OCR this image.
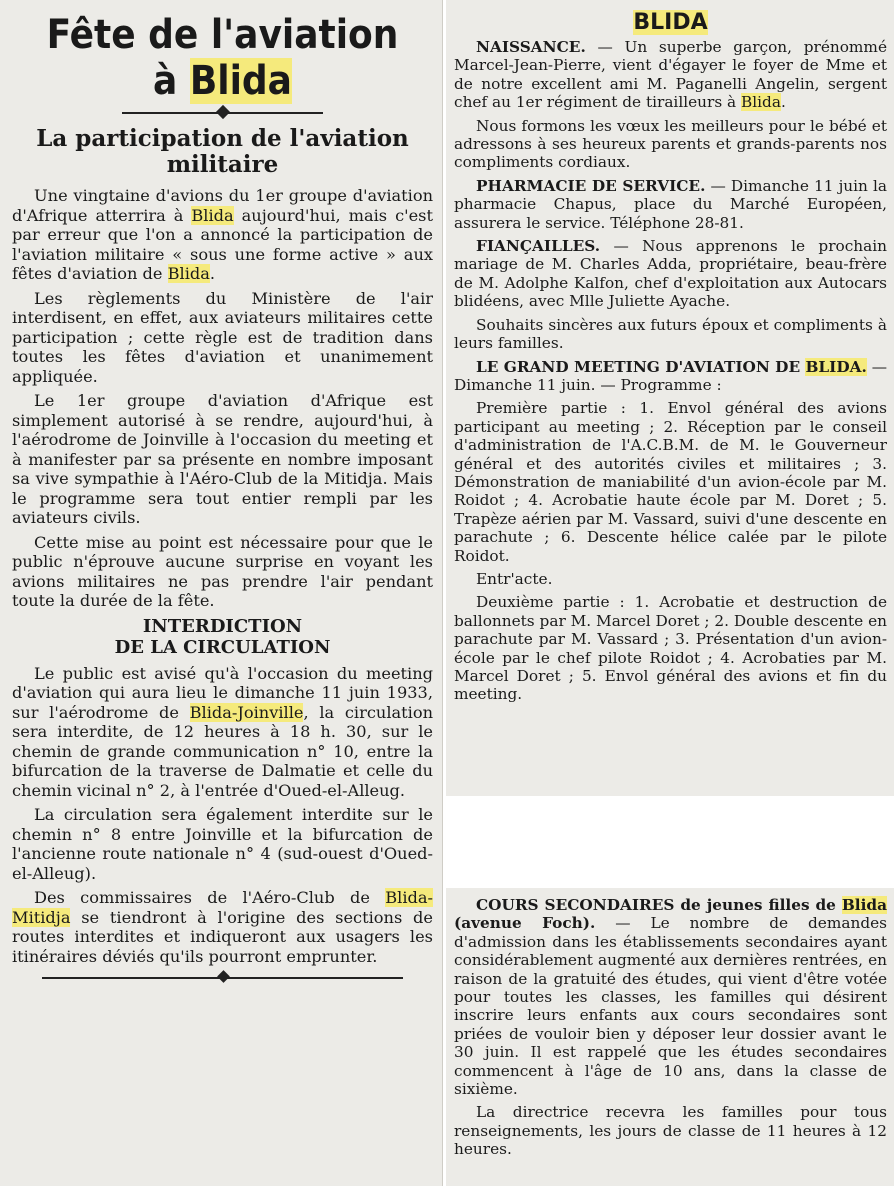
Fête de l'aviation
à Blida
La participation de l'aviation militaire

Une vingtaine d'avions du 1er groupe d'aviation d'Afrique atterrira à Blida aujourd'hui, mais c'est par erreur que l'on a annoncé la participation de l'aviation militaire « sous une forme active » aux fêtes d'aviation de Blida.

Les règlements du Ministère de l'air interdisent, en effet, aux aviateurs militaires cette participation ; cette règle est de tradition dans toutes les fêtes d'aviation et unanimement appliquée.

Le 1er groupe d'aviation d'Afrique est simplement autorisé à se rendre, aujourd'hui, à l'aérodrome de Joinville à l'occasion du meeting et à manifester par sa présente en nombre imposant sa vive sympathie à l'Aéro-Club de la Mitidja. Mais le programme sera tout entier rempli par les aviateurs civils.

Cette mise au point est nécessaire pour que le public n'éprouve aucune surprise en voyant les avions militaires ne pas prendre l'air pendant toute la durée de la fête.

INTERDICTION
DE LA CIRCULATION

Le public est avisé qu'à l'occasion du meeting d'aviation qui aura lieu le dimanche 11 juin 1933, sur l'aérodrome de Blida-Joinville, la circulation sera interdite, de 12 heures à 18 h. 30, sur le chemin de grande communication n° 10, entre la bifurcation de la traverse de Dalmatie et celle du chemin vicinal n° 2, à l'entrée d'Oued-el-Alleug.

La circulation sera également interdite sur le chemin n° 8 entre Joinville et la bifurcation de l'ancienne route nationale n° 4 (sud-ouest d'Oued-el-Alleug).

Des commissaires de l'Aéro-Club de Blida-Mitidja se tiendront à l'origine des sections de routes interdites et indiqueront aux usagers les itinéraires déviés qu'ils pourront emprunter.

BLIDA

NAISSANCE. — Un superbe garçon, prénommé Marcel-Jean-Pierre, vient d'égayer le foyer de Mme et de notre excellent ami M. Paganelli Angelin, sergent chef au 1er régiment de tirailleurs à Blida.

Nous formons les vœux les meilleurs pour le bébé et adressons à ses heureux parents et grands-parents nos compliments cordiaux.

PHARMACIE DE SERVICE. — Dimanche 11 juin la pharmacie Chapus, place du Marché Européen, assurera le service. Téléphone 28-81.

FIANÇAILLES. — Nous apprenons le prochain mariage de M. Charles Adda, propriétaire, beau-frère de M. Adolphe Kalfon, chef d'exploitation aux Autocars blidéens, avec Mlle Juliette Ayache.

Souhaits sincères aux futurs époux et compliments à leurs familles.

LE GRAND MEETING D'AVIATION DE BLIDA. — Dimanche 11 juin. — Programme :

Première partie : 1. Envol général des avions participant au meeting ; 2. Réception par le conseil d'administration de l'A.C.B.M. de M. le Gouverneur général et des autorités civiles et militaires ; 3. Démonstration de maniabilité d'un avion-école par M. Roidot ; 4. Acrobatie haute école par M. Doret ; 5. Trapèze aérien par M. Vassard, suivi d'une descente en parachute ; 6. Descente hélice calée par le pilote Roidot.

Entr'acte.

Deuxième partie : 1. Acrobatie et destruction de ballonnets par M. Marcel Doret ; 2. Double descente en parachute par M. Vassard ; 3. Présentation d'un avion-école par le chef pilote Roidot ; 4. Acrobaties par M. Marcel Doret ; 5. Envol général des avions et fin du meeting.

COURS SECONDAIRES de jeunes filles de Blida (avenue Foch). — Le nombre de demandes d'admission dans les établissements secondaires ayant considérablement augmenté aux dernières rentrées, en raison de la gratuité des études, qui vient d'être votée pour toutes les classes, les familles qui désirent inscrire leurs enfants aux cours secondaires sont priées de vouloir bien y déposer leur dossier avant le 30 juin. Il est rappelé que les études secondaires commencent à l'âge de 10 ans, dans la classe de sixième.

La directrice recevra les familles pour tous renseignements, les jours de classe de 11 heures à 12 heures.
